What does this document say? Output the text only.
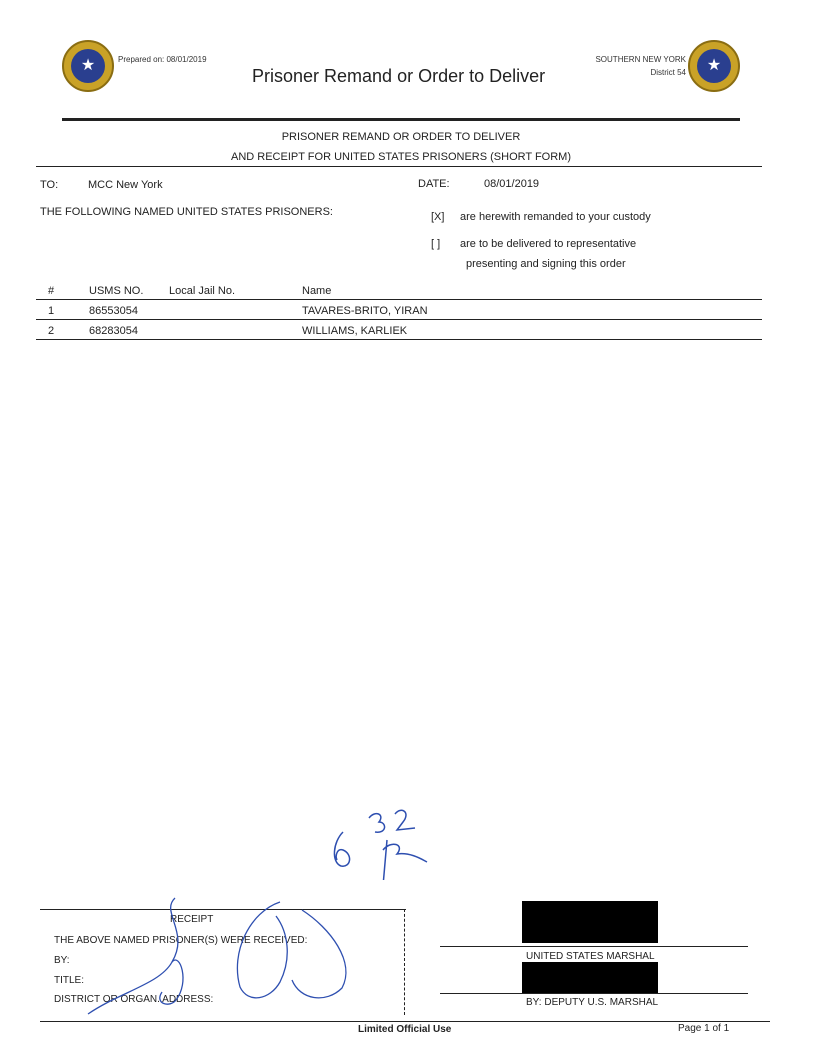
★	Prepared on: 08/01/2019
Prisoner Remand or Order to Deliver
SOUTHERN NEW YORK
District 54	★
PRISONER REMAND OR ORDER TO DELIVER
AND RECEIPT FOR UNITED STATES PRISONERS (SHORT FORM)
TO:	MCC New York	DATE:	08/01/2019
THE FOLLOWING NAMED UNITED STATES PRISONERS:	[X] are herewith remanded to your custody
[ ] are to be delivered to representative
presenting and signing this order
#	USMS NO. Local Jail No.	Name
1	86553054	TAVARES-BRITO, YIRAN
2	68283054	WILLIAMS, KARLIEK
RECEIPT
THE ABOVE NAMED PRISONER(S) WERE RECEIVED:
BY:
TITLE:
DISTRICT OR ORGAN. ADDRESS:
UNITED STATES MARSHAL
BY: DEPUTY U.S. MARSHAL
Limited Official Use	Page 1 of 1
